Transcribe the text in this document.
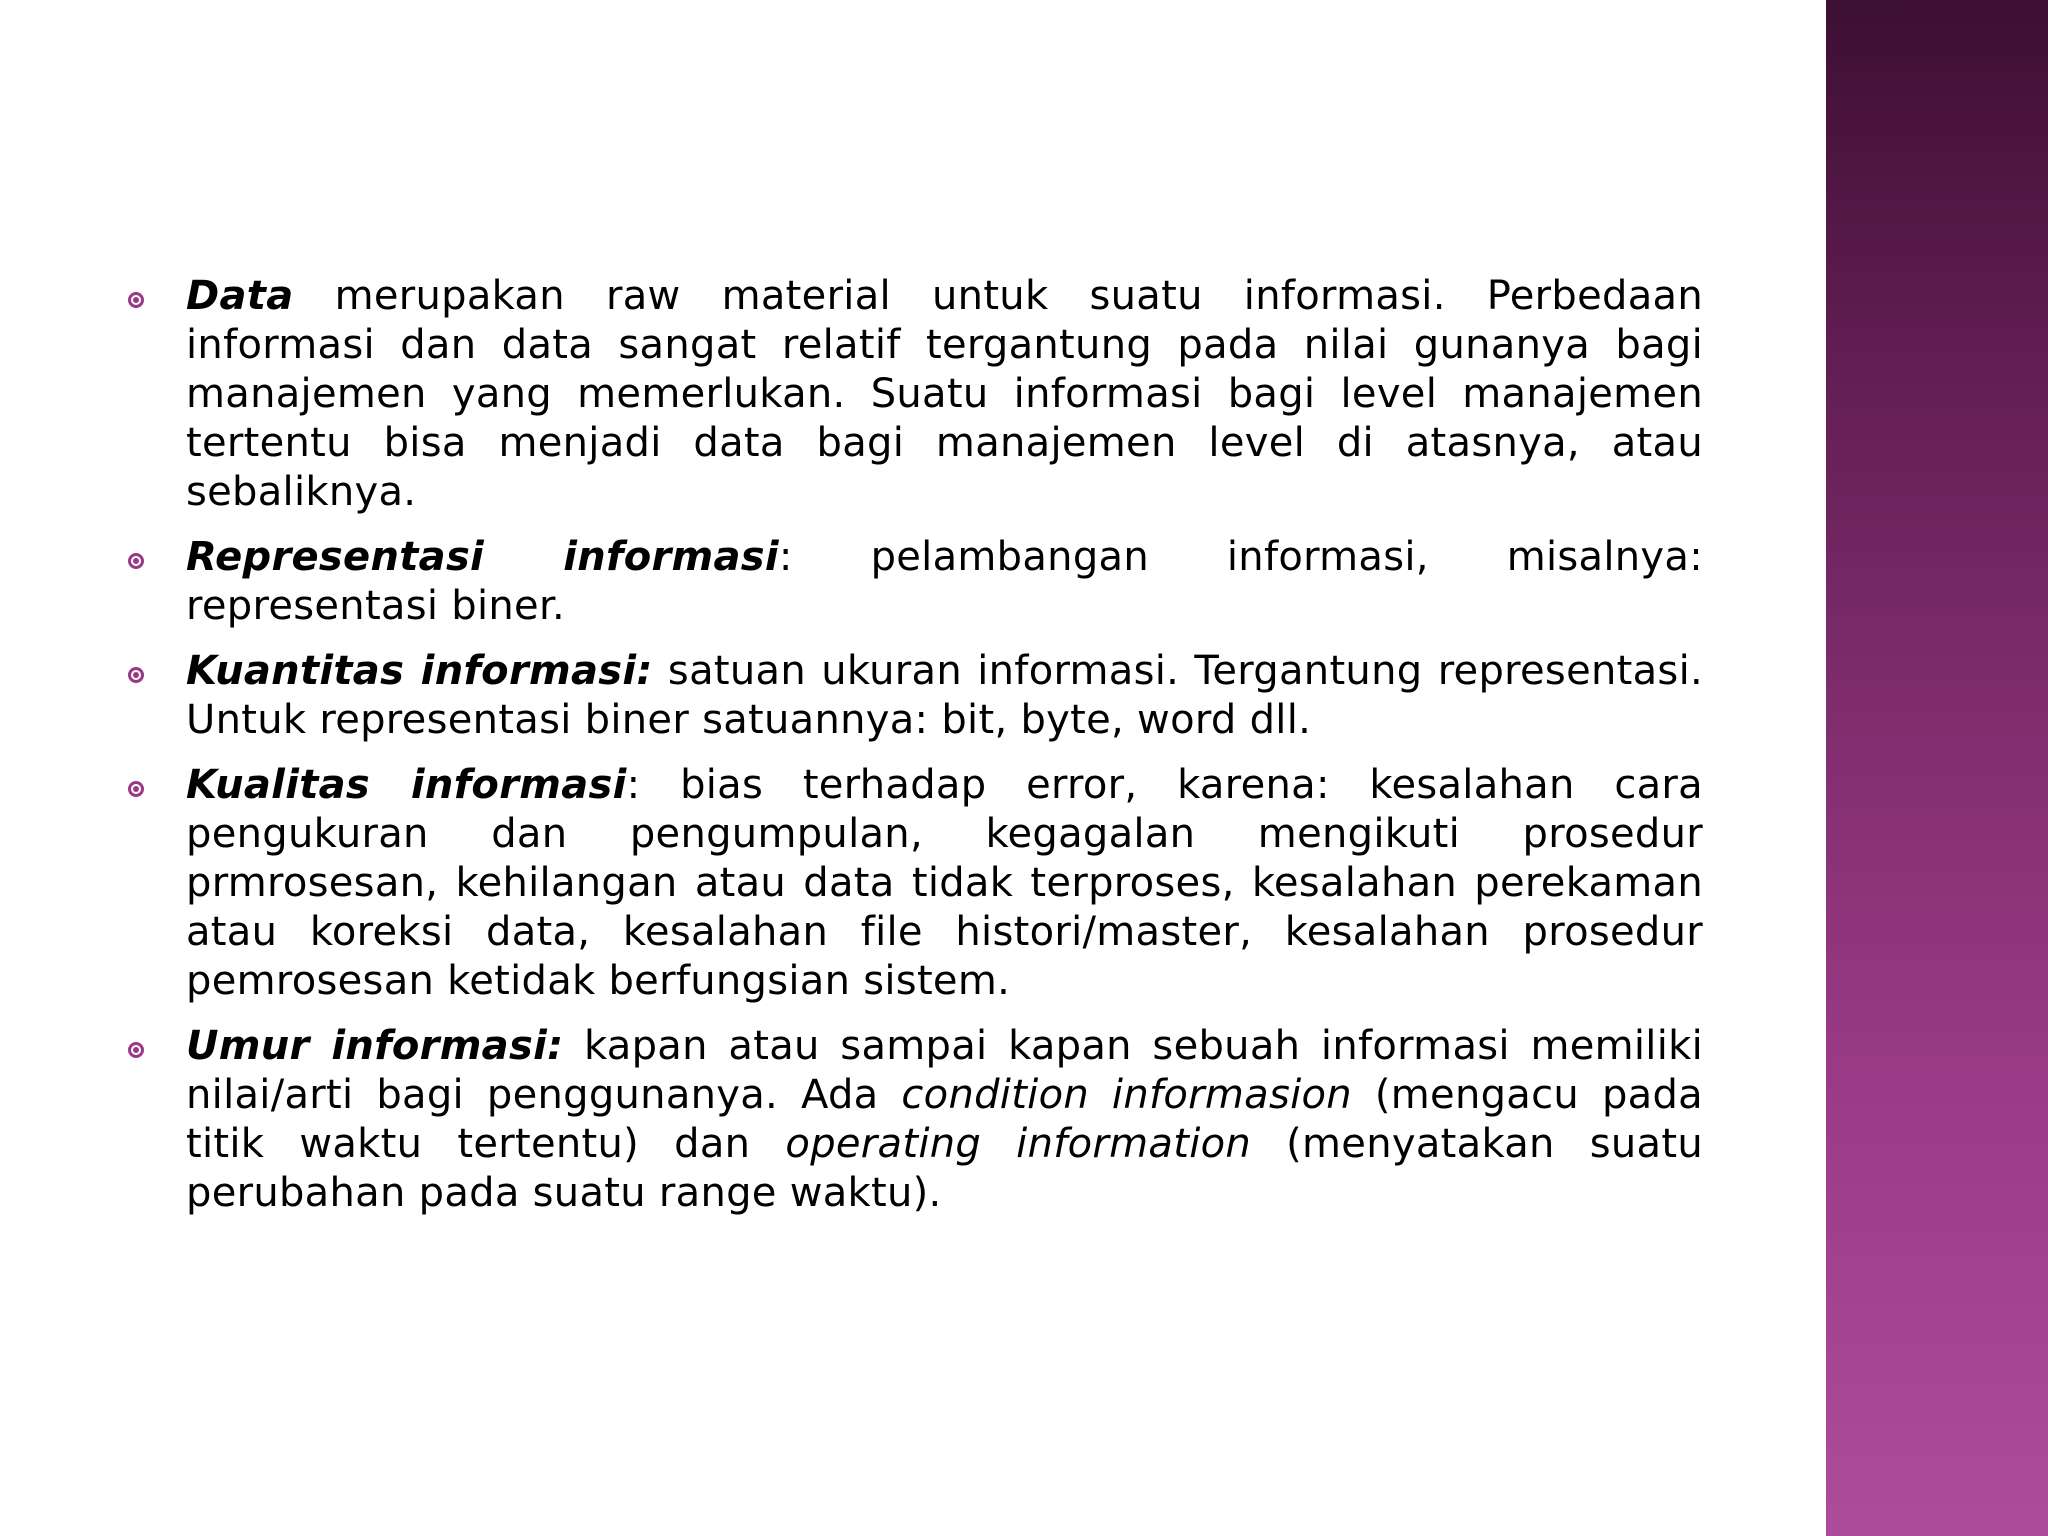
Data merupakan raw material untuk suatu informasi. Perbedaan informasi dan data sangat relatif tergantung pada nilai gunanya bagi manajemen yang memerlukan. Suatu informasi bagi level manajemen tertentu bisa menjadi data bagi manajemen level di atasnya, atau sebaliknya.
Representasi informasi: pelambangan informasi, misalnya: representasi biner.
Kuantitas informasi: satuan ukuran informasi. Tergantung representasi. Untuk representasi biner satuannya: bit, byte, word dll.
Kualitas informasi: bias terhadap error, karena: kesalahan cara pengukuran dan pengumpulan, kegagalan mengikuti prosedur prmrosesan, kehilangan atau data tidak terproses, kesalahan perekaman atau koreksi data, kesalahan file histori/master, kesalahan prosedur pemrosesan ketidak berfungsian sistem.
Umur informasi: kapan atau sampai kapan sebuah informasi memiliki nilai/arti bagi penggunanya. Ada condition informasion (mengacu pada titik waktu tertentu) dan operating information (menyatakan suatu perubahan pada suatu range waktu).
